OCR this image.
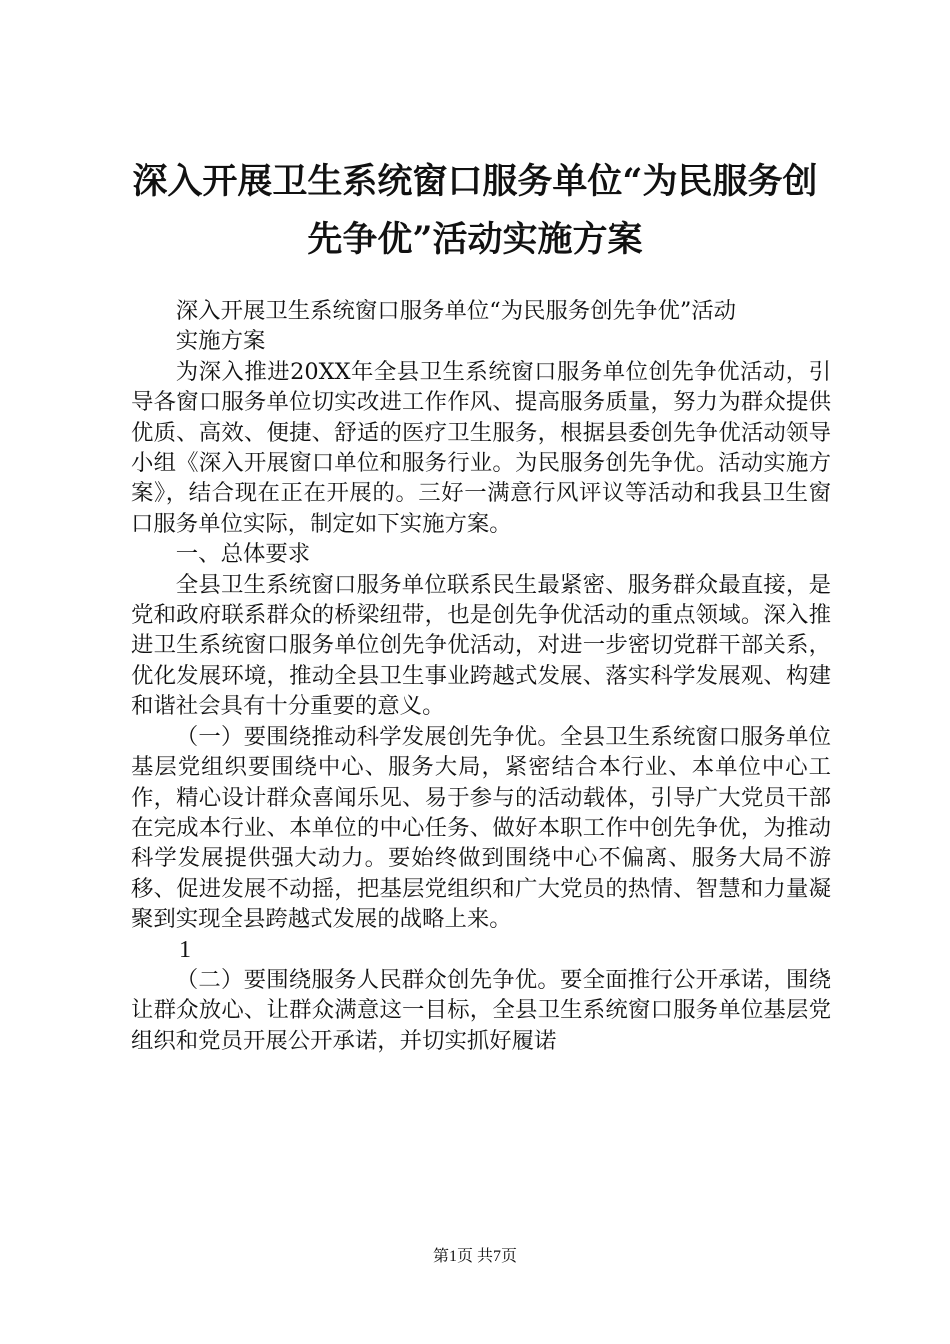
深入开展卫生系统窗口服务单位“为民服务创先争优”活动实施方案

深入开展卫生系统窗口服务单位“为民服务创先争优”活动

实施方案

为深入推进20XX年全县卫生系统窗口服务单位创先争优活动，引导各窗口服务单位切实改进工作作风、提高服务质量，努力为群众提供优质、高效、便捷、舒适的医疗卫生服务，根据县委创先争优活动领导小组《深入开展窗口单位和服务行业。为民服务创先争优。活动实施方案》，结合现在正在开展的。三好一满意行风评议等活动和我县卫生窗口服务单位实际，制定如下实施方案。

一、总体要求

全县卫生系统窗口服务单位联系民生最紧密、服务群众最直接，是党和政府联系群众的桥梁纽带，也是创先争优活动的重点领域。深入推进卫生系统窗口服务单位创先争优活动，对进一步密切党群干部关系，优化发展环境，推动全县卫生事业跨越式发展、落实科学发展观、构建和谐社会具有十分重要的意义。

（一）要围绕推动科学发展创先争优。全县卫生系统窗口服务单位基层党组织要围绕中心、服务大局，紧密结合本行业、本单位中心工作，精心设计群众喜闻乐见、易于参与的活动载体，引导广大党员干部在完成本行业、本单位的中心任务、做好本职工作中创先争优，为推动科学发展提供强大动力。要始终做到围绕中心不偏离、服务大局不游移、促进发展不动摇，把基层党组织和广大党员的热情、智慧和力量凝聚到实现全县跨越式发展的战略上来。

1

（二）要围绕服务人民群众创先争优。要全面推行公开承诺，围绕让群众放心、让群众满意这一目标，全县卫生系统窗口服务单位基层党组织和党员开展公开承诺，并切实抓好履诺

第1页 共7页
